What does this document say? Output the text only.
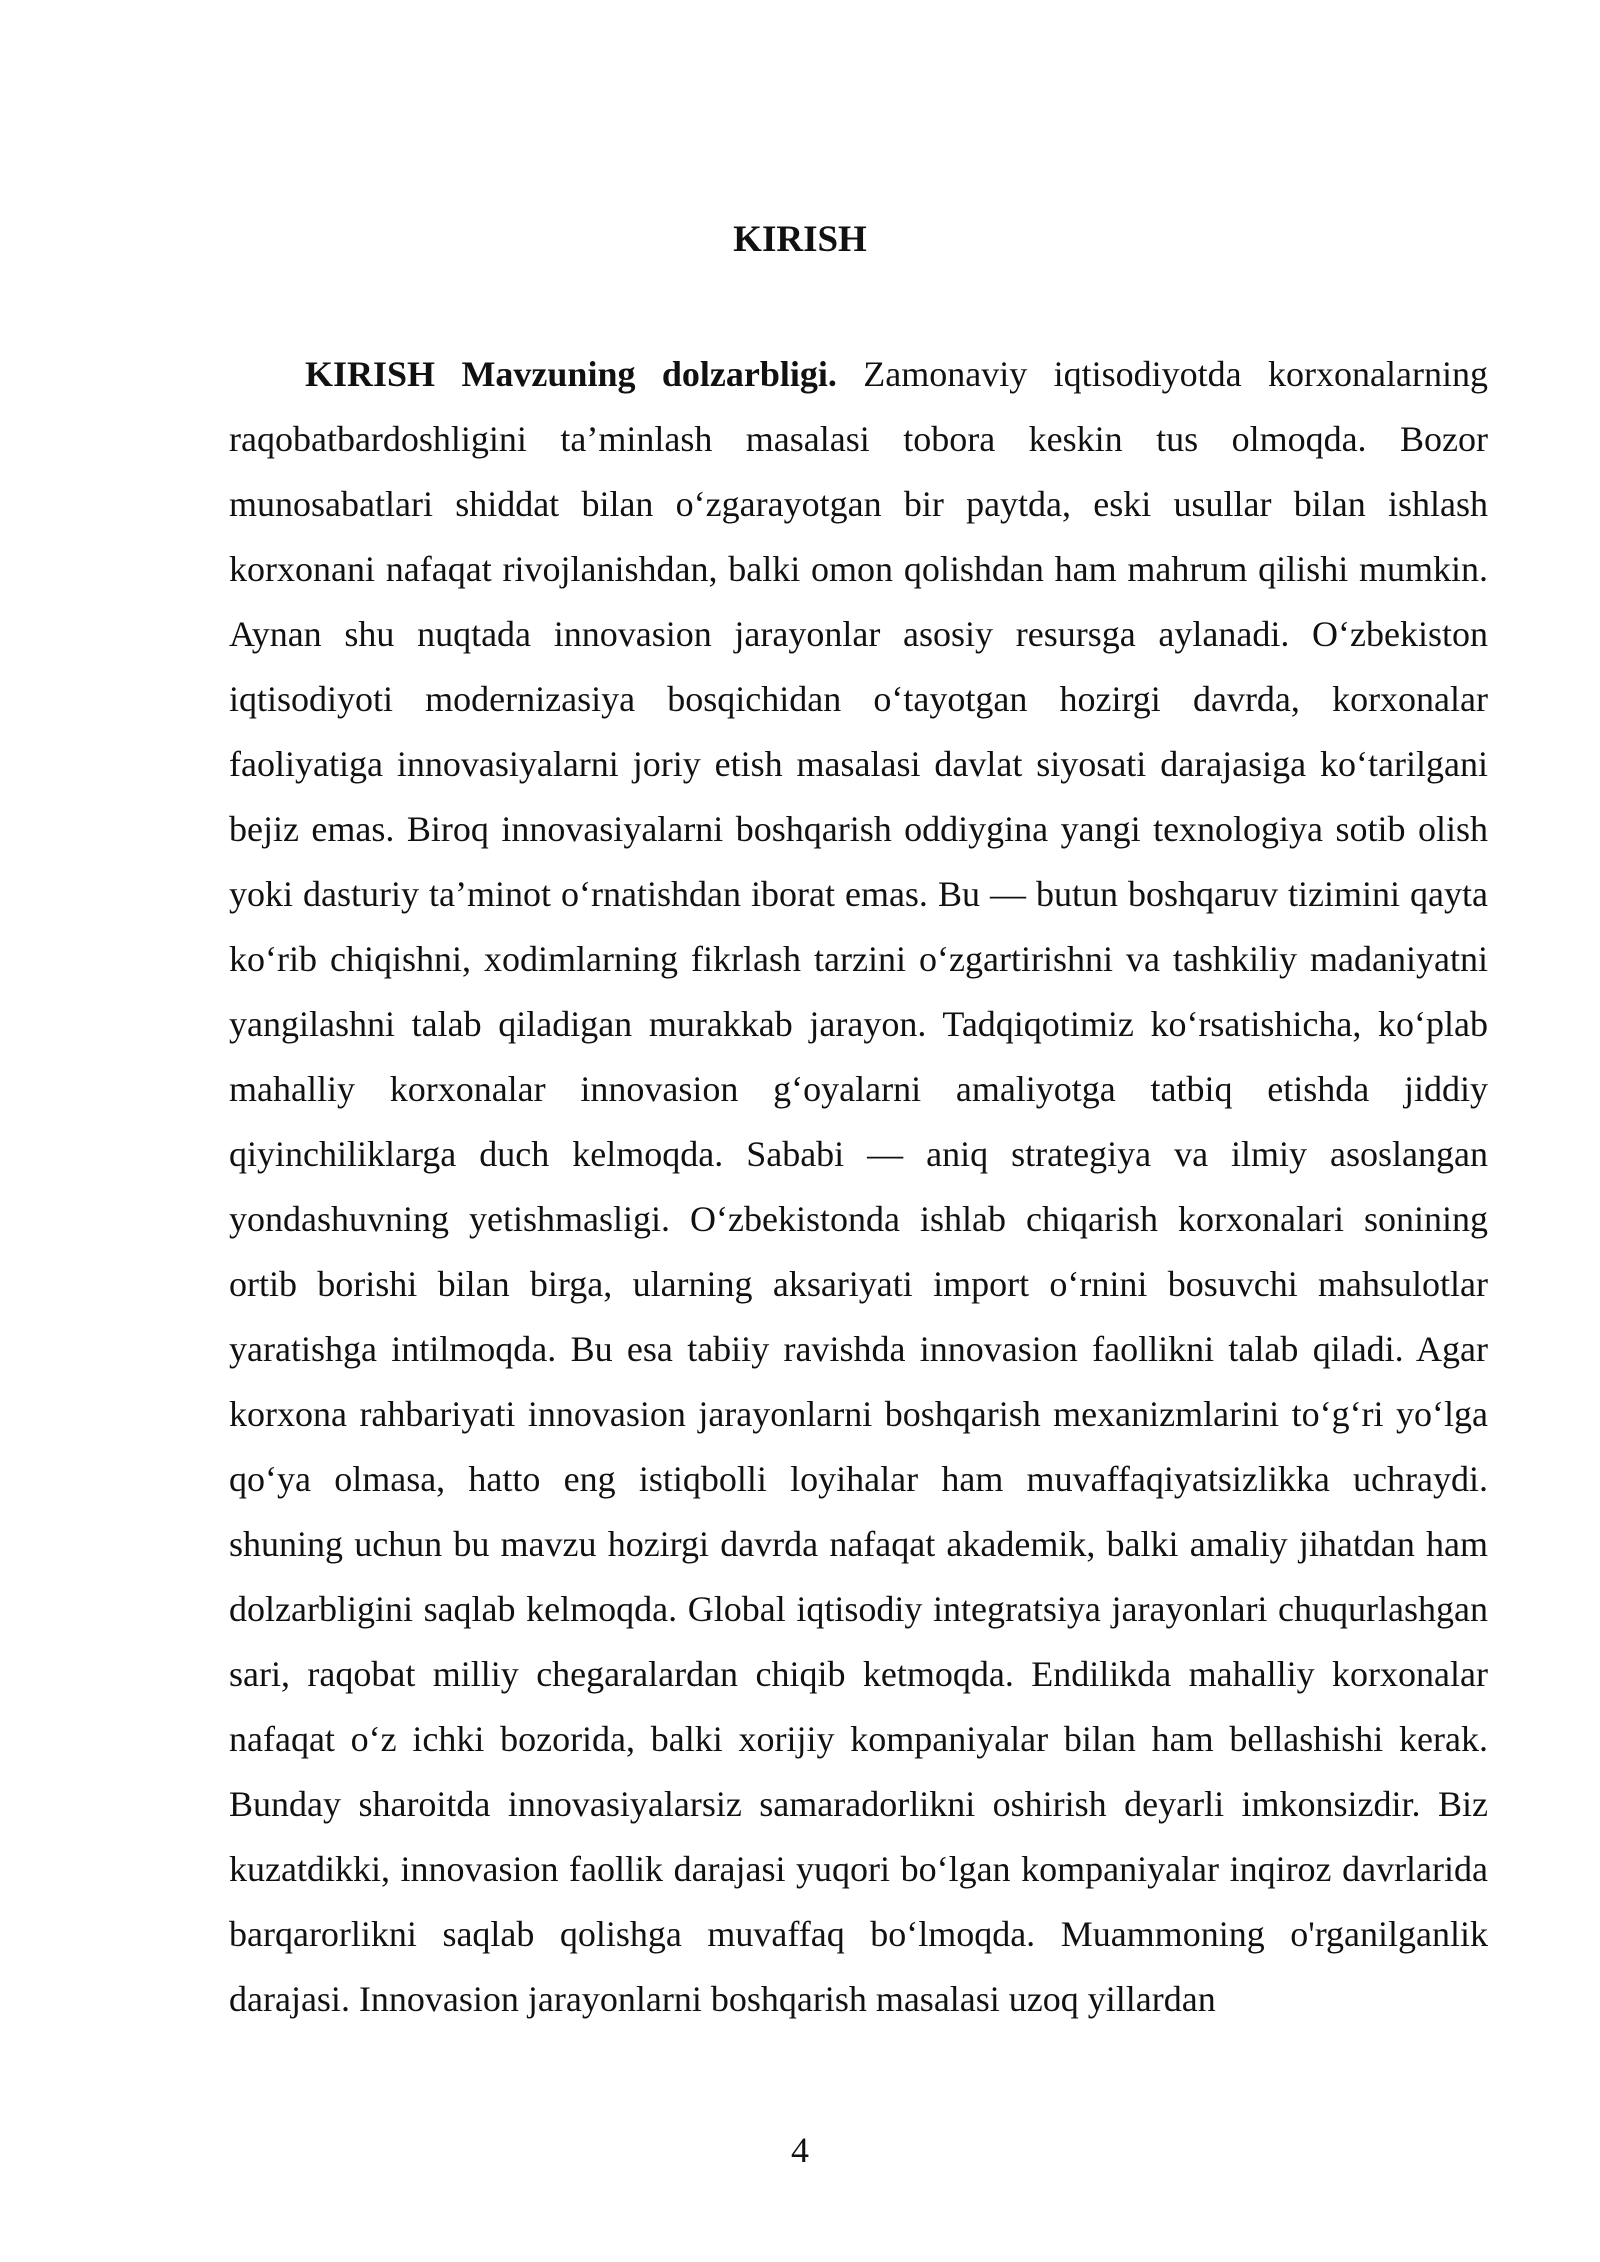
KIRISH

KIRISH Mavzuning dolzarbligi. Zamonaviy iqtisodiyotda korxonalarning raqobatbardoshligini ta’minlash masalasi tobora keskin tus olmoqda. Bozor munosabatlari shiddat bilan o‘zgarayotgan bir paytda, eski usullar bilan ishlash korxonani nafaqat rivojlanishdan, balki omon qolishdan ham mahrum qilishi mumkin. Aynan shu nuqtada innovasion jarayonlar asosiy resursga aylanadi. O‘zbekiston iqtisodiyoti modernizasiya bosqichidan o‘tayotgan hozirgi davrda, korxonalar faoliyatiga innovasiyalarni joriy etish masalasi davlat siyosati darajasiga ko‘tarilgani bejiz emas. Biroq innovasiyalarni boshqarish oddiygina yangi texnologiya sotib olish yoki dasturiy ta’minot o‘rnatishdan iborat emas. Bu — butun boshqaruv tizimini qayta ko‘rib chiqishni, xodimlarning fikrlash tarzini o‘zgartirishni va tashkiliy madaniyatni yangilashni talab qiladigan murakkab jarayon. Tadqiqotimiz ko‘rsatishicha, ko‘plab mahalliy korxonalar innovasion g‘oyalarni amaliyotga tatbiq etishda jiddiy qiyinchiliklarga duch kelmoqda. Sababi — aniq strategiya va ilmiy asoslangan yondashuvning yetishmasligi. O‘zbekistonda ishlab chiqarish korxonalari sonining ortib borishi bilan birga, ularning aksariyati import o‘rnini bosuvchi mahsulotlar yaratishga intilmoqda. Bu esa tabiiy ravishda innovasion faollikni talab qiladi. Agar korxona rahbariyati innovasion jarayonlarni boshqarish mexanizmlarini to‘g‘ri yo‘lga qo‘ya olmasa, hatto eng istiqbolli loyihalar ham muvaffaqiyatsizlikka uchraydi. shuning uchun bu mavzu hozirgi davrda nafaqat akademik, balki amaliy jihatdan ham dolzarbligini saqlab kelmoqda. Global iqtisodiy integratsiya jarayonlari chuqurlashgan sari, raqobat milliy chegaralardan chiqib ketmoqda. Endilikda mahalliy korxonalar nafaqat o‘z ichki bozorida, balki xorijiy kompaniyalar bilan ham bellashishi kerak. Bunday sharoitda innovasiyalarsiz samaradorlikni oshirish deyarli imkonsizdir. Biz kuzatdikki, innovasion faollik darajasi yuqori bo‘lgan kompaniyalar inqiroz davrlarida barqarorlikni saqlab qolishga muvaffaq bo‘lmoqda. Muammoning o'rganilganlik darajasi. Innovasion jarayonlarni boshqarish masalasi uzoq yillardan

4
